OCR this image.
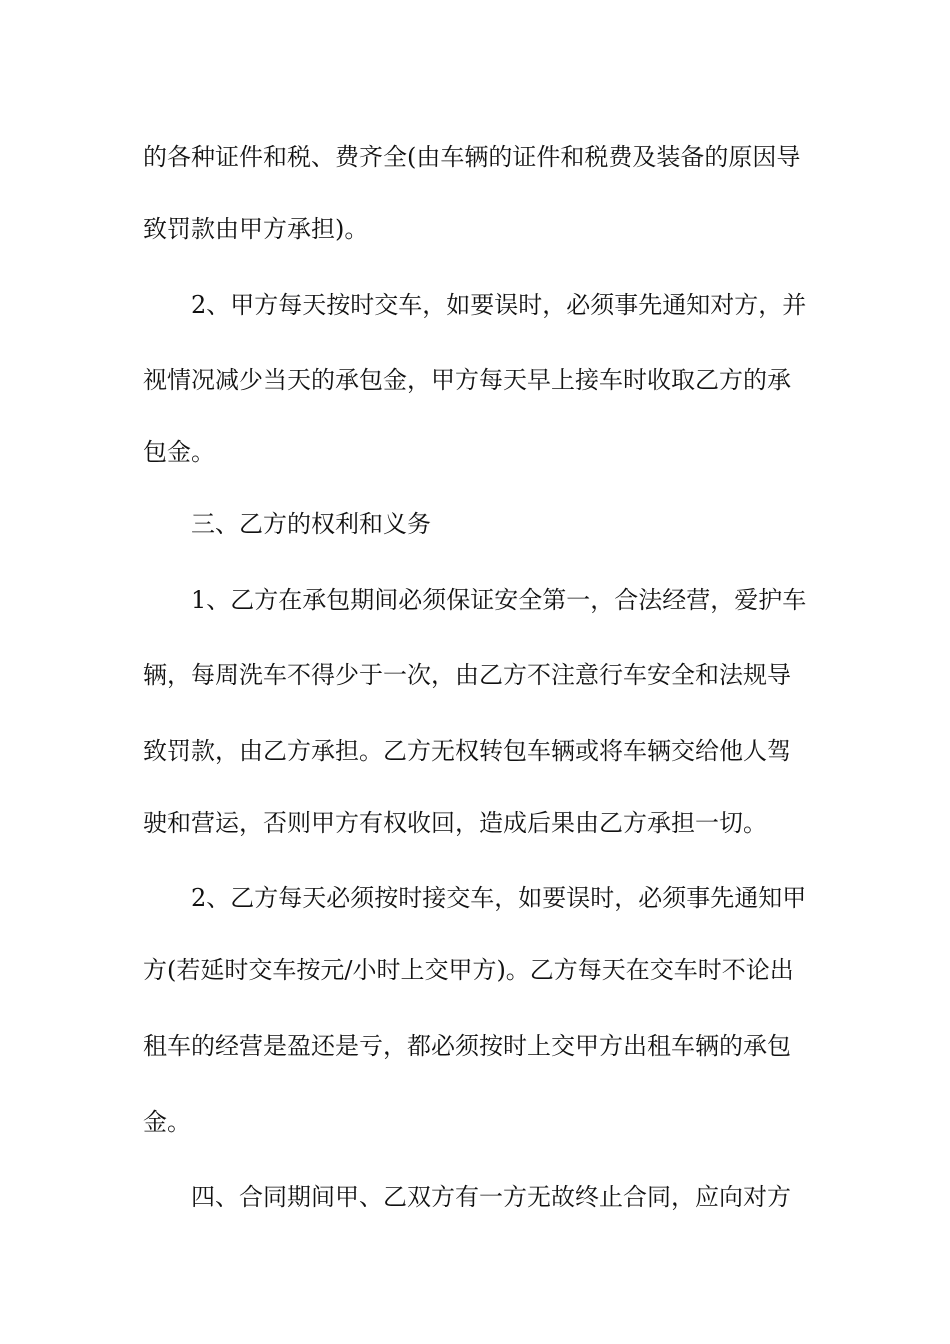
的各种证件和税、费齐全(由车辆的证件和税费及装备的原因导
致罚款由甲方承担)。
2、甲方每天按时交车，如要误时，必须事先通知对方，并
视情况减少当天的承包金，甲方每天早上接车时收取乙方的承
包金。
三、乙方的权利和义务
1、乙方在承包期间必须保证安全第一，合法经营，爱护车
辆，每周洗车不得少于一次，由乙方不注意行车安全和法规导
致罚款，由乙方承担。乙方无权转包车辆或将车辆交给他人驾
驶和营运，否则甲方有权收回，造成后果由乙方承担一切。
2、乙方每天必须按时接交车，如要误时，必须事先通知甲
方(若延时交车按元/小时上交甲方)。乙方每天在交车时不论出
租车的经营是盈还是亏，都必须按时上交甲方出租车辆的承包
金。
四、合同期间甲、乙双方有一方无故终止合同，应向对方
